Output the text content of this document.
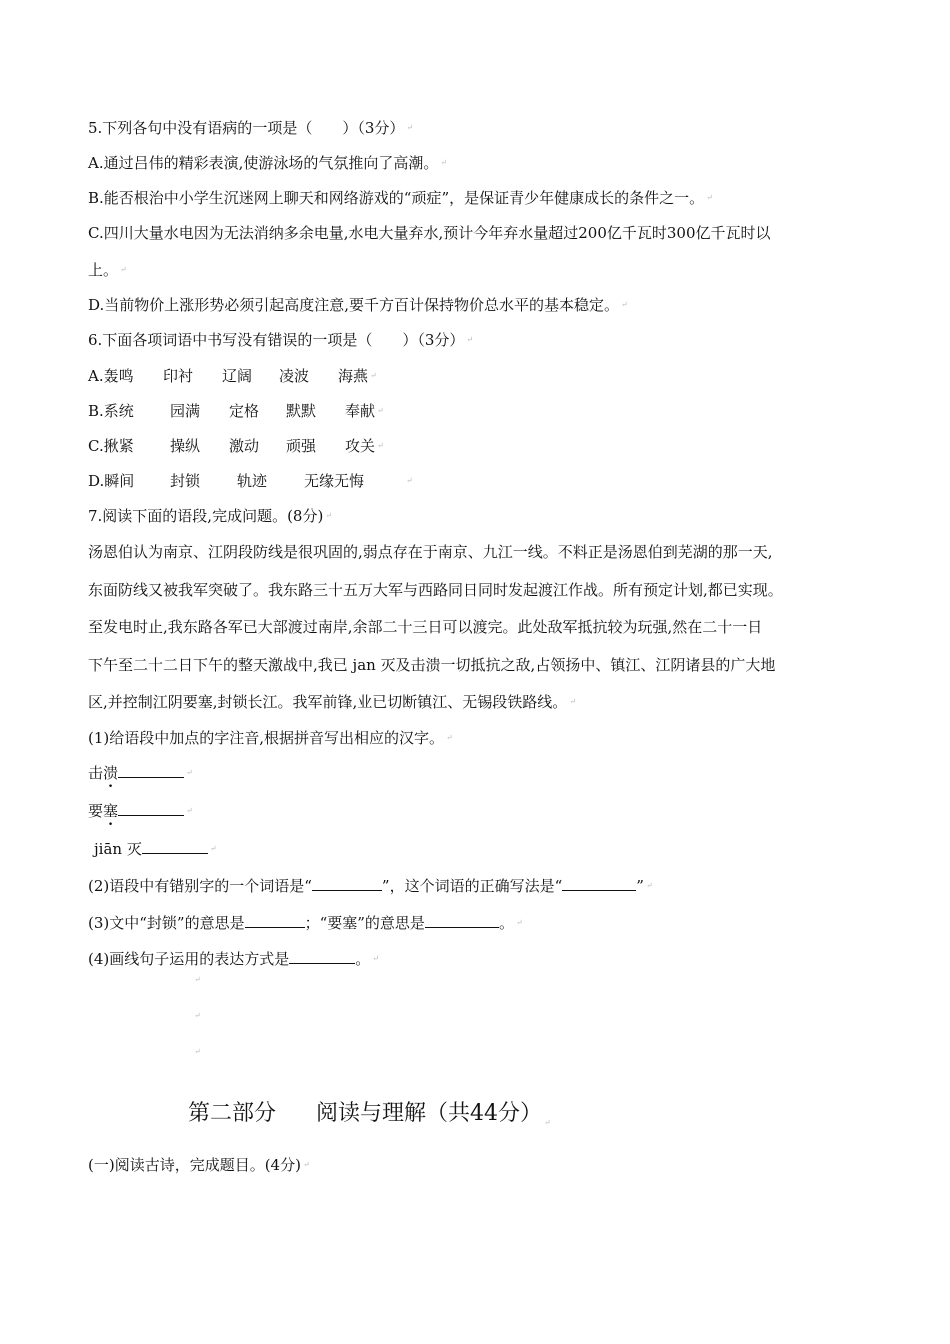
5.下列各句中没有语病的一项是（　　）（3分） ↵
A.通过吕伟的精彩表演,使游泳场的气氛推向了高潮。 ↵
B.能否根治中小学生沉迷网上聊天和网络游戏的“顽症”，是保证青少年健康成长的条件之一。 ↵
C.四川大量水电因为无法消纳多余电量,水电大量弃水,预计今年弃水量超过200亿千瓦时300亿千瓦时以
上。 ↵
D.当前物价上涨形势必须引起高度注意,要千方百计保持物价总水平的基本稳定。 ↵
6.下面各项词语中书写没有错误的一项是（　　）（3分） ↵
A.轰鸣 印衬 辽阔 凌波 海燕 ↵
B.系统 园满 定格 默默 奉献 ↵
C.揪紧 操纵 激动 顽强 攻关 ↵
D.瞬间 封锁 轨迹 无缘无悔	↵
7.阅读下面的语段,完成问题。(8分) ↵
汤恩伯认为南京、江阴段防线是很巩固的,弱点存在于南京、九江一线。不料正是汤恩伯到芜湖的那一天,
东面防线又被我军突破了。我东路三十五万大军与西路同日同时发起渡江作战。所有预定计划,都已实现。
至发电时止,我东路各军已大部渡过南岸,余部二十三日可以渡完。此处敌军抵抗较为玩强,然在二十一日
下午至二十二日下午的整天激战中,我已 jan 灭及击溃一切抵抗之敌,占领扬中、镇江、江阴诸县的广大地
区,并控制江阴要塞,封锁长江。我军前锋,业已切断镇江、无锡段铁路线。 ↵
(1)给语段中加点的字注音,根据拼音写出相应的汉字。 ↵
击溃	↵
要塞	↵
jiān 灭	↵
(2)语段中有错别字的一个词语是“	”，这个词语的正确写法是“	” ↵
(3)文中“封锁”的意思是	；“要塞”的意思是	。 ↵
(4)画线句子运用的表达方式是	。 ↵
↵
↵
↵
第二部分 阅读与理解（共44分） ↵
(一)阅读古诗，完成题目。(4分) ↵
